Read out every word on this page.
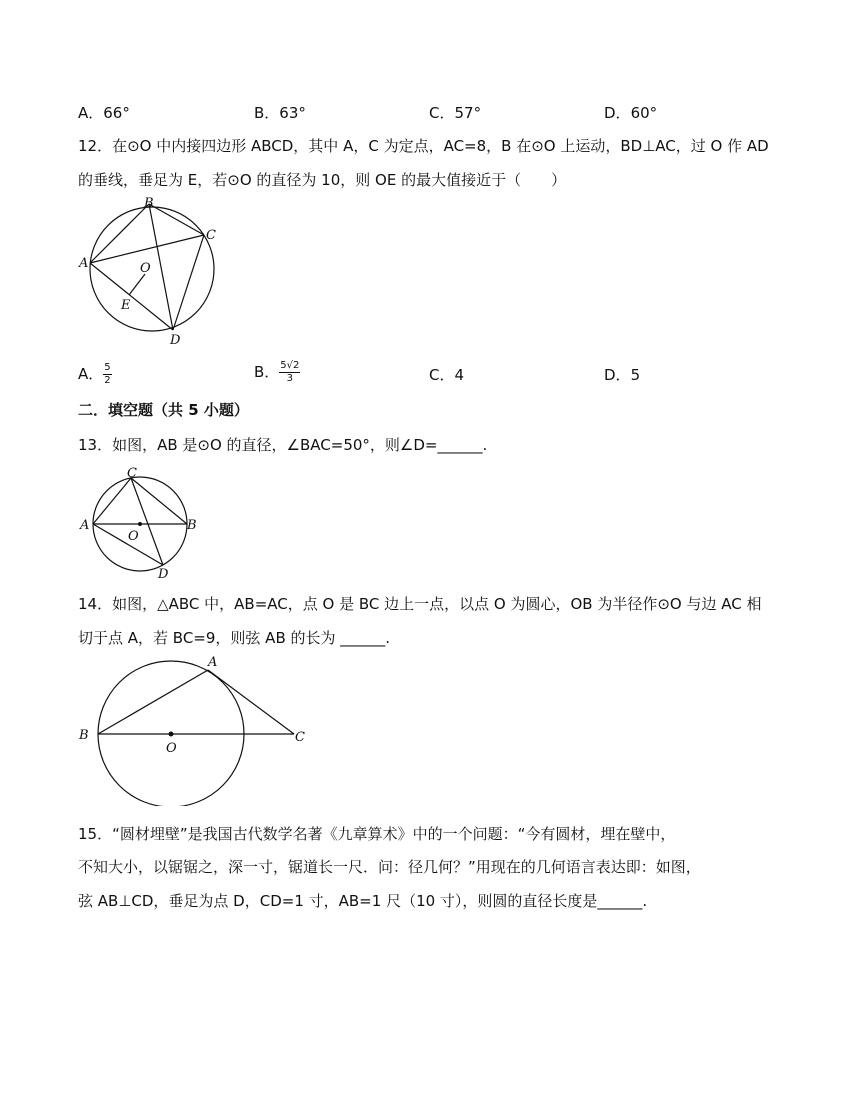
A．66°	B．63°	C．57°	D．60°
12．在⊙O 中内接四边形 ABCD，其中 A，C 为定点，AC=8，B 在⊙O 上运动，BD⊥AC，过 O 作 AD
的垂线，垂足为 E，若⊙O 的直径为 10，则 OE 的最大值接近于（　　）
B
C
A	O
E
D
A． $\frac{5}{2}$	B． $\frac{5√2}{3}$	C．4	D．5
二．填空题（共 5 小题）
13．如图，AB 是⊙O 的直径，∠BAC=50°，则∠D=______.
C
A	B
O
D
14．如图，△ABC 中，AB=AC，点 O 是 BC 边上一点，以点 O 为圆心，OB 为半径作⊙O 与边 AC 相
切于点 A，若 BC=9，则弦 AB 的长为 ______.
A
B	C
O
15．“圆材埋壁”是我国古代数学名著《九章算术》中的一个问题：“今有圆材，埋在壁中，
不知大小，以锯锯之，深一寸，锯道长一尺．问：径几何？”用现在的几何语言表达即：如图，
弦 AB⊥CD，垂足为点 D，CD=1 寸，AB=1 尺（10 寸），则圆的直径长度是______.
